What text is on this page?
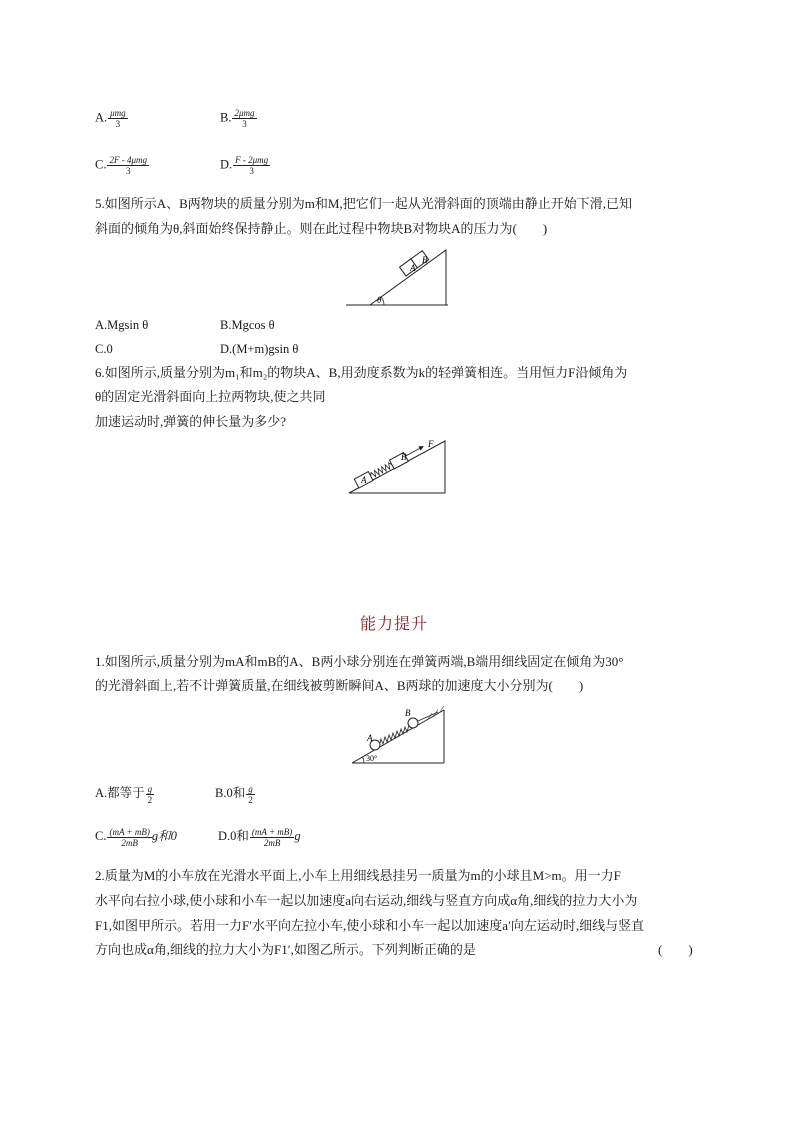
A. $\frac{\text{μmg}}{3}$	B. $\frac{\text{2μmg}}{3}$
C. $\frac{\text{2F - 4μmg}}{3}$	D. $\frac{\text{F - 2μmg}}{3}$
5.如图所示A、B两物块的质量分别为m和M,把它们一起从光滑斜面的顶端由静止开始下滑,已知
斜面的倾角为θ,斜面始终保持静止。则在此过程中物块B对物块A的压力为(　　)
A
B
θ
A.Mgsin θ	B.Mgcos θ
C.0	D.(M+m)gsin θ
6.如图所示,质量分别为m₁和m₂的物块A、B,用劲度系数为k的轻弹簧相连。当用恒力F沿倾角为
θ的固定光滑斜面向上拉两物块,使之共同
加速运动时,弹簧的伸长量为多少?
A
B
F
能力提升
1.如图所示,质量分别为mA和mB的A、B两小球分别连在弹簧两端,B端用细线固定在倾角为30°
的光滑斜面上,若不计弹簧质量,在细线被剪断瞬间A、B两球的加速度大小分别为(　　)
A
B
30°
A.都等于 $\frac{g}{2}$	B.0和 $\frac{g}{2}$
C. $\frac{(mA + mB)}{2mB}$ g和0	D.0和 $\frac{(mA + mB)}{2mB}$ g
2.质量为M的小车放在光滑水平面上,小车上用细线悬挂另一质量为m的小球且M>m。用一力F
水平向右拉小球,使小球和小车一起以加速度a向右运动,细线与竖直方向成α角,细线的拉力大小为
F1,如图甲所示。若用一力F′水平向左拉小车,使小球和小车一起以加速度a′向左运动时,细线与竖直
方向也成α角,细线的拉力大小为F1′,如图乙所示。下列判断正确的是	(　　)
